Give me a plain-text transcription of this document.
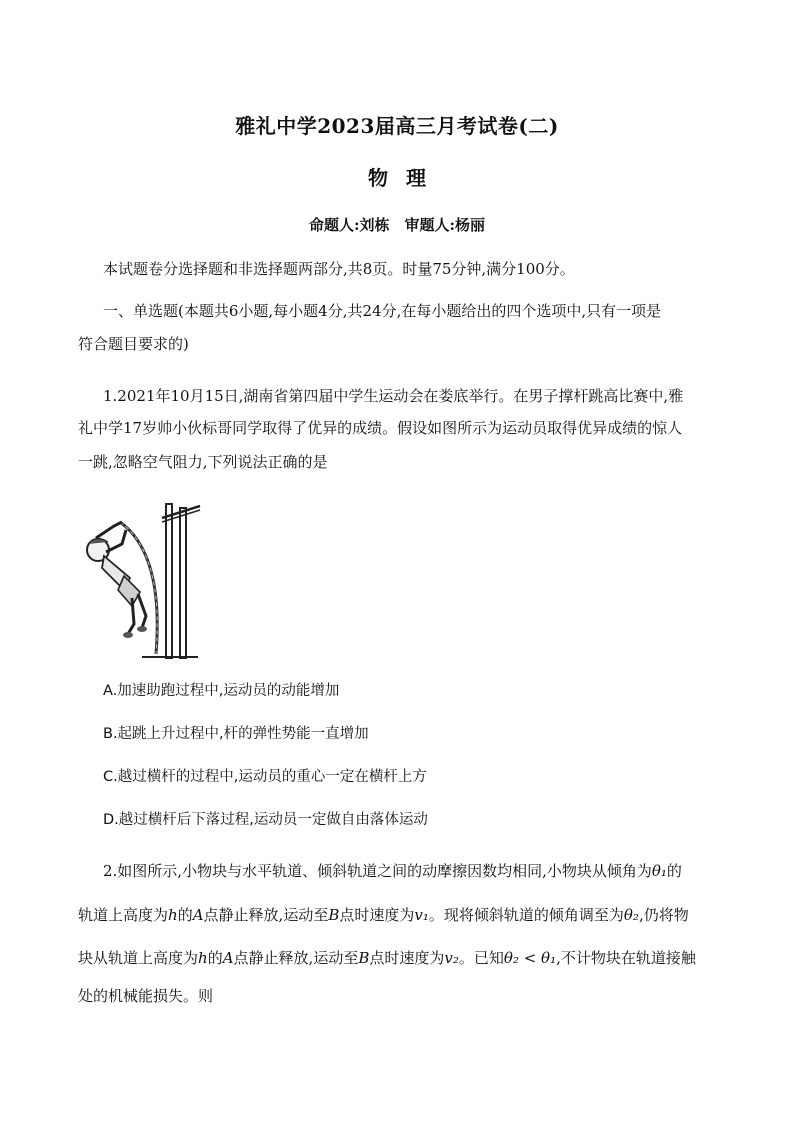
雅礼中学2023届高三月考试卷(二)

物理

命题人:刘栋　审题人:杨丽

本试题卷分选择题和非选择题两部分,共8页。时量75分钟,满分100分。

一、单选题(本题共6小题,每小题4分,共24分,在每小题给出的四个选项中,只有一项是

符合题目要求的)

1.2021年10月15日,湖南省第四届中学生运动会在娄底举行。在男子撑杆跳高比赛中,雅

礼中学17岁帅小伙标哥同学取得了优异的成绩。假设如图所示为运动员取得优异成绩的惊人

一跳,忽略空气阻力,下列说法正确的是

A.加速助跑过程中,运动员的动能增加

B.起跳上升过程中,杆的弹性势能一直增加

C.越过横杆的过程中,运动员的重心一定在横杆上方

D.越过横杆后下落过程,运动员一定做自由落体运动

2.如图所示,小物块与水平轨道、倾斜轨道之间的动摩擦因数均相同,小物块从倾角为θ₁的

轨道上高度为h的A点静止释放,运动至B点时速度为v₁。现将倾斜轨道的倾角调至为θ₂,仍将物

块从轨道上高度为h的A点静止释放,运动至B点时速度为v₂。已知θ₂ < θ₁,不计物块在轨道接触

处的机械能损失。则
